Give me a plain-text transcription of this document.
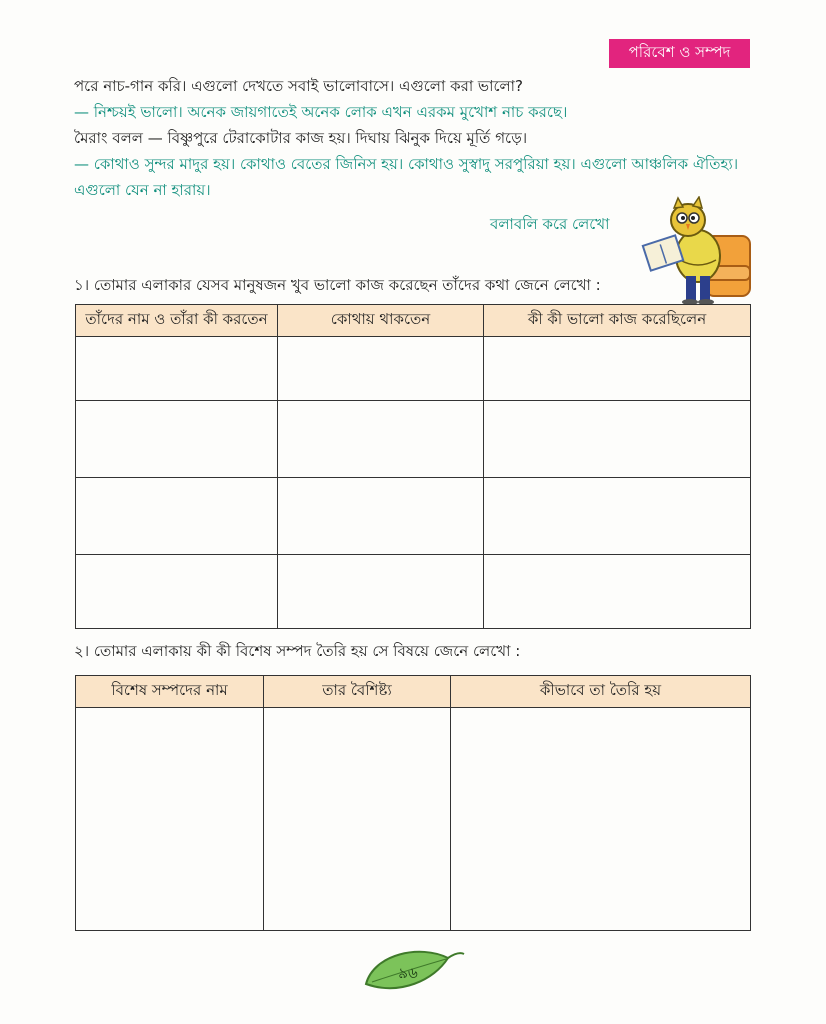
পরিবেশ ও সম্পদ
পরে নাচ-গান করি। এগুলো দেখতে সবাই ভালোবাসে। এগুলো করা ভালো?
— নিশ্চয়ই ভালো। অনেক জায়গাতেই অনেক লোক এখন এরকম মুখোশ নাচ করছে।
মৈরাং বলল — বিষ্ণুপুরে টেরাকোটার কাজ হয়। দিঘায় ঝিনুক দিয়ে মূর্তি গড়ে।
— কোথাও সুন্দর মাদুর হয়। কোথাও বেতের জিনিস হয়। কোথাও সুস্বাদু সরপুরিয়া হয়। এগুলো আঞ্চলিক ঐতিহ্য।
এগুলো যেন না হারায়।
বলাবলি করে লেখো
১। তোমার এলাকার যেসব মানুষজন খুব ভালো কাজ করেছেন তাঁদের কথা জেনে লেখো :
তাঁদের নাম ও তাঁরা কী করতেন	কোথায় থাকতেন	কী কী ভালো কাজ করেছিলেন

২। তোমার এলাকায় কী কী বিশেষ সম্পদ তৈরি হয় সে বিষয়ে জেনে লেখো :
বিশেষ সম্পদের নাম	তার বৈশিষ্ট্য	কীভাবে তা তৈরি হয়

৯৬
